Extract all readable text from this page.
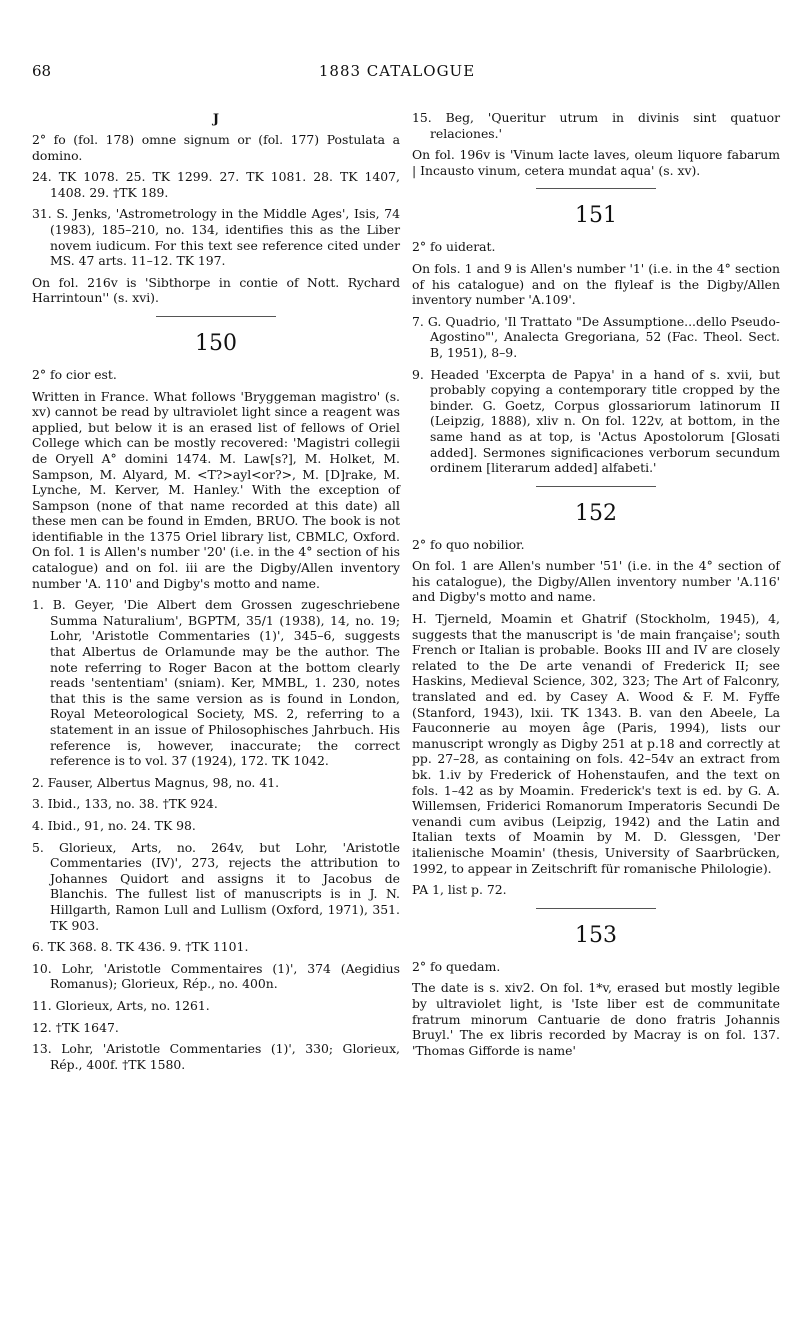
68	1883 CATALOGUE
J
2° fo (fol. 178) omne signum or (fol. 177) Postulata a domino.
24. TK 1078. 25. TK 1299. 27. TK 1081. 28. TK 1407, 1408. 29. †TK 189.
31. S. Jenks, 'Astrometrology in the Middle Ages', Isis, 74 (1983), 185–210, no. 134, identifies this as the Liber novem iudicum. For this text see reference cited under MS. 47 arts. 11–12. TK 197.
On fol. 216v is 'Sibthorpe in contie of Nott. Rychard Harrintoun'' (s. xvi).
150
2° fo cior est.
Written in France. What follows 'Bryggeman magistro' (s. xv) cannot be read by ultraviolet light since a reagent was applied, but below it is an erased list of fellows of Oriel College which can be mostly recovered: 'Magistri collegii de Oryell A° domini 1474. M. Law[s?], M. Holket, M. Sampson, M. Alyard, M. <T?>ayl<or?>, M. [D]rake, M. Lynche, M. Kerver, M. Hanley.' With the exception of Sampson (none of that name recorded at this date) all these men can be found in Emden, BRUO. The book is not identifiable in the 1375 Oriel library list, CBMLC, Oxford. On fol. 1 is Allen's number '20' (i.e. in the 4° section of his catalogue) and on fol. iii are the Digby/Allen inventory number 'A. 110' and Digby's motto and name.
1. B. Geyer, 'Die Albert dem Grossen zugeschriebene Summa Naturalium', BGPTM, 35/1 (1938), 14, no. 19; Lohr, 'Aristotle Commentaries (1)', 345–6, suggests that Albertus de Orlamunde may be the author. The note referring to Roger Bacon at the bottom clearly reads 'sententiam' (sniam). Ker, MMBL, 1. 230, notes that this is the same version as is found in London, Royal Meteorological Society, MS. 2, referring to a statement in an issue of Philosophisches Jahrbuch. His reference is, however, inaccurate; the correct reference is to vol. 37 (1924), 172. TK 1042.
2. Fauser, Albertus Magnus, 98, no. 41.
3. Ibid., 133, no. 38. †TK 924.
4. Ibid., 91, no. 24. TK 98.
5. Glorieux, Arts, no. 264v, but Lohr, 'Aristotle Commentaries (IV)', 273, rejects the attribution to Johannes Quidort and assigns it to Jacobus de Blanchis. The fullest list of manuscripts is in J. N. Hillgarth, Ramon Lull and Lullism (Oxford, 1971), 351. TK 903.
6. TK 368. 8. TK 436. 9. †TK 1101.
10. Lohr, 'Aristotle Commentaires (1)', 374 (Aegidius Romanus); Glorieux, Rép., no. 400n.
11. Glorieux, Arts, no. 1261.
12. †TK 1647.
13. Lohr, 'Aristotle Commentaries (1)', 330; Glorieux, Rép., 400f. †TK 1580.
15. Beg, 'Queritur utrum in divinis sint quatuor relaciones.'
On fol. 196v is 'Vinum lacte laves, oleum liquore fabarum | Incausto vinum, cetera mundat aqua' (s. xv).
151
2° fo uiderat.
On fols. 1 and 9 is Allen's number '1' (i.e. in the 4° section of his catalogue) and on the flyleaf is the Digby/Allen inventory number 'A.109'.
7. G. Quadrio, 'Il Trattato "De Assumptione...dello Pseudo-Agostino"', Analecta Gregoriana, 52 (Fac. Theol. Sect. B, 1951), 8–9.
9. Headed 'Excerpta de Papya' in a hand of s. xvii, but probably copying a contemporary title cropped by the binder. G. Goetz, Corpus glossariorum latinorum II (Leipzig, 1888), xliv n. On fol. 122v, at bottom, in the same hand as at top, is 'Actus Apostolorum [Glosati added]. Sermones significaciones verborum secundum ordinem [literarum added] alfabeti.'
152
2° fo quo nobilior.
On fol. 1 are Allen's number '51' (i.e. in the 4° section of his catalogue), the Digby/Allen inventory number 'A.116' and Digby's motto and name.
H. Tjerneld, Moamin et Ghatrif (Stockholm, 1945), 4, suggests that the manuscript is 'de main française'; south French or Italian is probable. Books III and IV are closely related to the De arte venandi of Frederick II; see Haskins, Medieval Science, 302, 323; The Art of Falconry, translated and ed. by Casey A. Wood & F. M. Fyffe (Stanford, 1943), lxii. TK 1343. B. van den Abeele, La Fauconnerie au moyen âge (Paris, 1994), lists our manuscript wrongly as Digby 251 at p.18 and correctly at pp. 27–28, as containing on fols. 42–54v an extract from bk. 1.iv by Frederick of Hohenstaufen, and the text on fols. 1–42 as by Moamin. Frederick's text is ed. by G. A. Willemsen, Friderici Romanorum Imperatoris Secundi De venandi cum avibus (Leipzig, 1942) and the Latin and Italian texts of Moamin by M. D. Glessgen, 'Der italienische Moamin' (thesis, University of Saarbrücken, 1992, to appear in Zeitschrift für romanische Philologie).
PA 1, list p. 72.
153
2° fo quedam.
The date is s. xiv2. On fol. 1*v, erased but mostly legible by ultraviolet light, is 'Iste liber est de communitate fratrum minorum Cantuarie de dono fratris Johannis Bruyl.' The ex libris recorded by Macray is on fol. 137. 'Thomas Gifforde is name'
